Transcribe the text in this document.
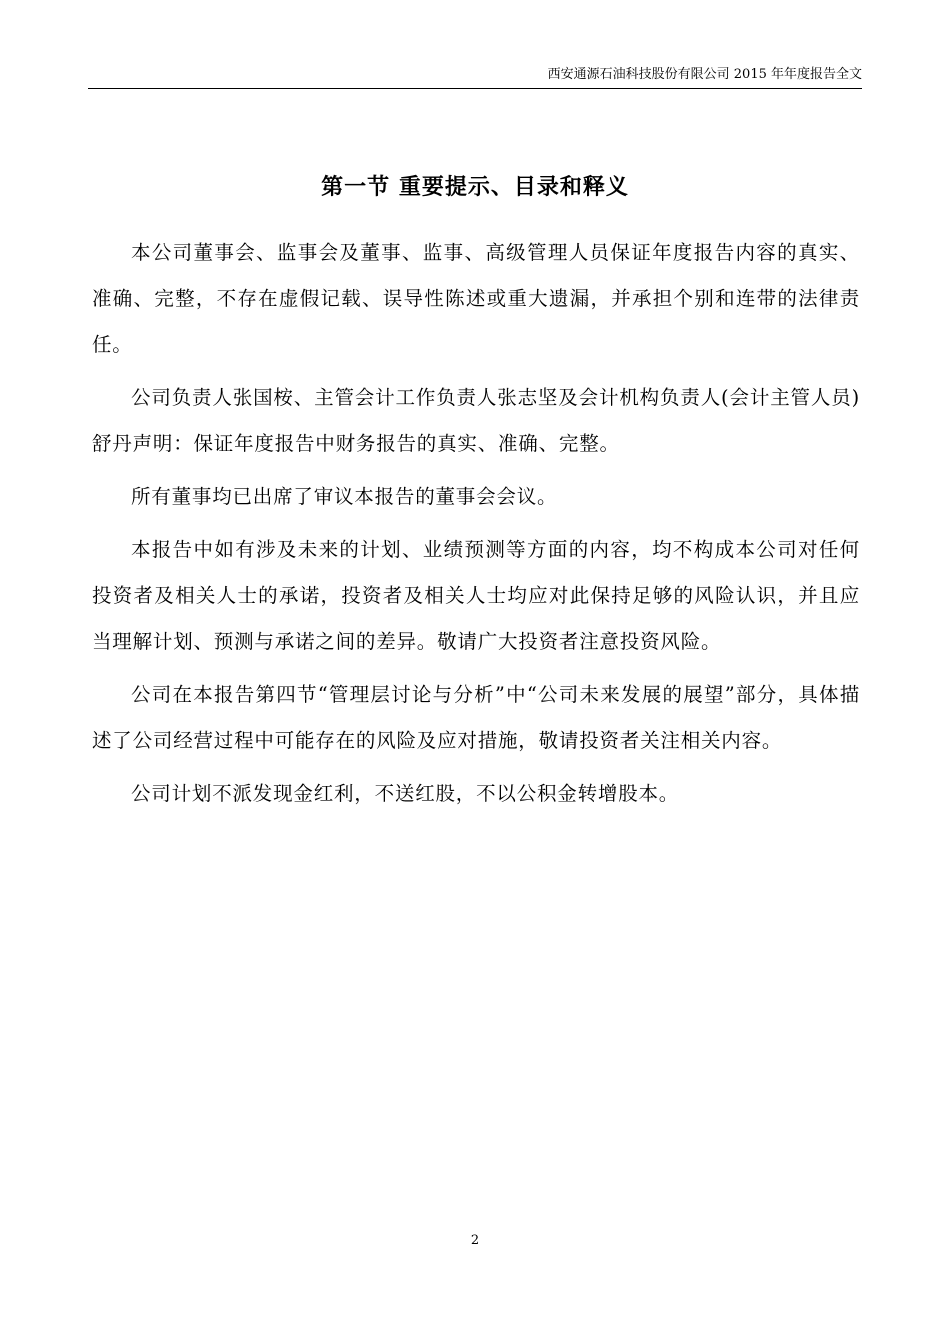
西安通源石油科技股份有限公司 2015 年年度报告全文
第一节 重要提示、目录和释义

本公司董事会、监事会及董事、监事、高级管理人员保证年度报告内容的真实、准确、完整，不存在虚假记载、误导性陈述或重大遗漏，并承担个别和连带的法律责任。

公司负责人张国桉、主管会计工作负责人张志坚及会计机构负责人(会计主管人员)舒丹声明：保证年度报告中财务报告的真实、准确、完整。

所有董事均已出席了审议本报告的董事会会议。

本报告中如有涉及未来的计划、业绩预测等方面的内容，均不构成本公司对任何投资者及相关人士的承诺，投资者及相关人士均应对此保持足够的风险认识，并且应当理解计划、预测与承诺之间的差异。敬请广大投资者注意投资风险。

公司在本报告第四节“管理层讨论与分析”中“公司未来发展的展望”部分，具体描述了公司经营过程中可能存在的风险及应对措施，敬请投资者关注相关内容。

公司计划不派发现金红利，不送红股，不以公积金转增股本。

2
